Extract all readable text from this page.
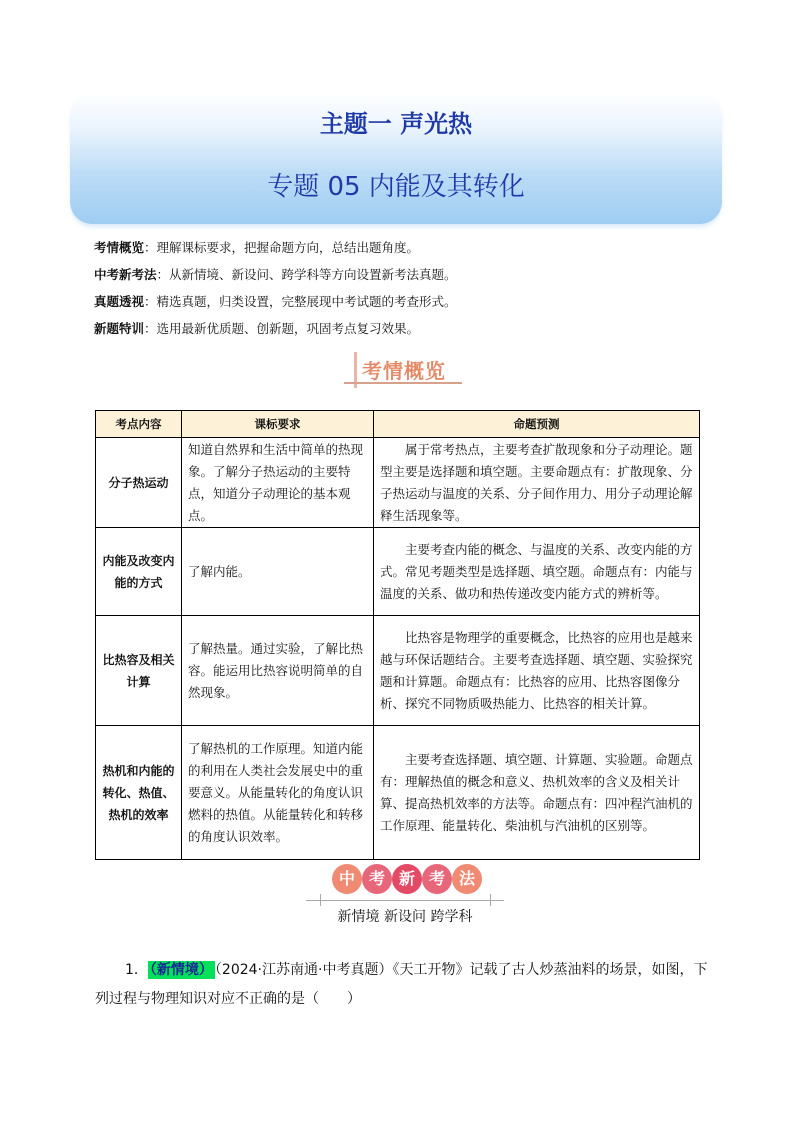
主题一 声光热
专题 05 内能及其转化

考情概览：理解课标要求，把握命题方向，总结出题角度。

中考新考法：从新情境、新设问、跨学科等方向设置新考法真题。

真题透视：精选真题，归类设置，完整展现中考试题的考查形式。

新题特训：选用最新优质题、创新题，巩固考点复习效果。

考情概览
考点内容	课标要求	命题预测
分子热运动	知道自然界和生活中简单的热现象。了解分子热运动的主要特点，知道分子动理论的基本观点。	属于常考热点，主要考查扩散现象和分子动理论。题型主要是选择题和填空题。主要命题点有：扩散现象、分子热运动与温度的关系、分子间作用力、用分子动理论解释生活现象等。
内能及改变内能的方式	了解内能。	主要考查内能的概念、与温度的关系、改变内能的方式。常见考题类型是选择题、填空题。命题点有：内能与温度的关系、做功和热传递改变内能方式的辨析等。
比热容及相关计算	了解热量。通过实验，了解比热容。能运用比热容说明简单的自然现象。	比热容是物理学的重要概念，比热容的应用也是越来越与环保话题结合。主要考查选择题、填空题、实验探究题和计算题。命题点有：比热容的应用、比热容图像分析、探究不同物质吸热能力、比热容的相关计算。
热机和内能的转化、热值、热机的效率	了解热机的工作原理。知道内能的利用在人类社会发展史中的重要意义。从能量转化的角度认识燃料的热值。从能量转化和转移的角度认识效率。	主要考查选择题、填空题、计算题、实验题。命题点有：理解热值的概念和意义、热机效率的含义及相关计算、提高热机效率的方法等。命题点有：四冲程汽油机的工作原理、能量转化、柴油机与汽油机的区别等。
中 考 新 考 法
新情境 新设问 跨学科
1． （新情境） （2024·江苏南通·中考真题）《天工开物》记载了古人炒蒸油料的场景，如图，下列过程与物理知识对应不正确的是（　　）
